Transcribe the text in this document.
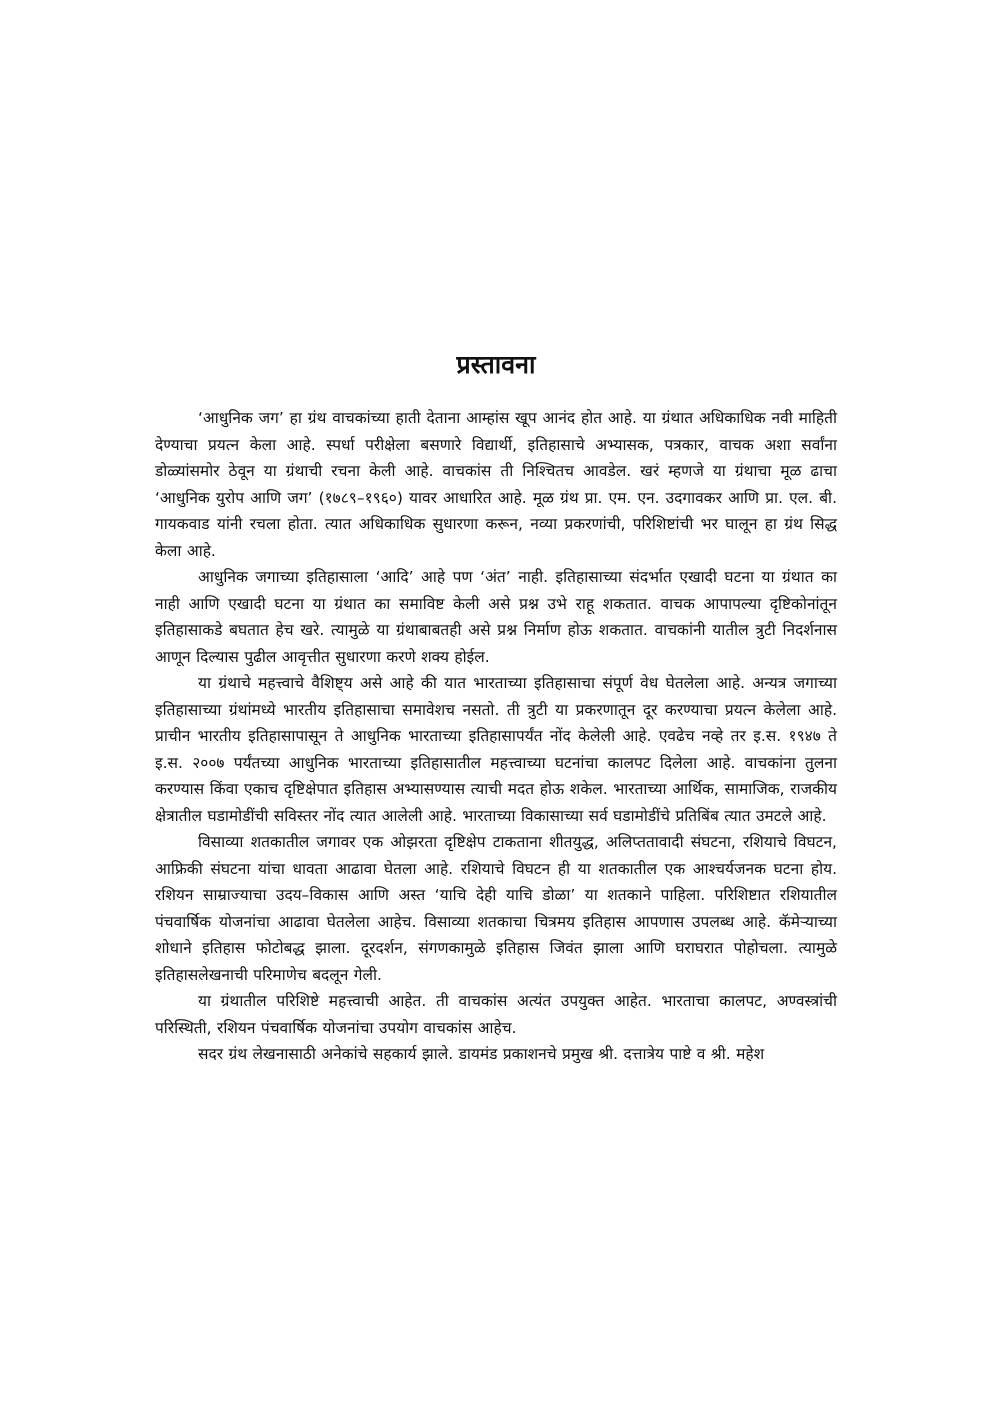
प्रस्तावना

‘आधुनिक जग’ हा ग्रंथ वाचकांच्या हाती देताना आम्हांस खूप आनंद होत आहे. या ग्रंथात अधिकाधिक नवी माहिती देण्याचा प्रयत्न केला आहे. स्पर्धा परीक्षेला बसणारे विद्यार्थी, इतिहासाचे अभ्यासक, पत्रकार, वाचक अशा सर्वांना डोळ्यांसमोर ठेवून या ग्रंथाची रचना केली आहे. वाचकांस ती निश्चितच आवडेल. खरं म्हणजे या ग्रंथाचा मूळ ढाचा ‘आधुनिक युरोप आणि जग’ (१७८९–१९६०) यावर आधारित आहे. मूळ ग्रंथ प्रा. एम. एन. उदगावकर आणि प्रा. एल. बी. गायकवाड यांनी रचला होता. त्यात अधिकाधिक सुधारणा करून, नव्या प्रकरणांची, परिशिष्टांची भर घालून हा ग्रंथ सिद्ध केला आहे.

आधुनिक जगाच्या इतिहासाला ‘आदि’ आहे पण ‘अंत’ नाही. इतिहासाच्या संदर्भात एखादी घटना या ग्रंथात का नाही आणि एखादी घटना या ग्रंथात का समाविष्ट केली असे प्रश्न उभे राहू शकतात. वाचक आपापल्या दृष्टिकोनांतून इतिहासाकडे बघतात हेच खरे. त्यामुळे या ग्रंथाबाबतही असे प्रश्न निर्माण होऊ शकतात. वाचकांनी यातील त्रुटी निदर्शनास आणून दिल्यास पुढील आवृत्तीत सुधारणा करणे शक्य होईल.

या ग्रंथाचे महत्त्वाचे वैशिष्ट्य असे आहे की यात भारताच्या इतिहासाचा संपूर्ण वेध घेतलेला आहे. अन्यत्र जगाच्या इतिहासाच्या ग्रंथांमध्ये भारतीय इतिहासाचा समावेशच नसतो. ती त्रुटी या प्रकरणातून दूर करण्याचा प्रयत्न केलेला आहे. प्राचीन भारतीय इतिहासापासून ते आधुनिक भारताच्या इतिहासापर्यंत नोंद केलेली आहे. एवढेच नव्हे तर इ.स. १९४७ ते इ.स. २००७ पर्यंतच्या आधुनिक भारताच्या इतिहासातील महत्त्वाच्या घटनांचा कालपट दिलेला आहे. वाचकांना तुलना करण्यास किंवा एकाच दृष्टिक्षेपात इतिहास अभ्यासण्यास त्याची मदत होऊ शकेल. भारताच्या आर्थिक, सामाजिक, राजकीय क्षेत्रातील घडामोडींची सविस्तर नोंद त्यात आलेली आहे. भारताच्या विकासाच्या सर्व घडामोडींचे प्रतिबिंब त्यात उमटले आहे.

विसाव्या शतकातील जगावर एक ओझरता दृष्टिक्षेप टाकताना शीतयुद्ध, अलिप्ततावादी संघटना, रशियाचे विघटन, आफ्रिकी संघटना यांचा धावता आढावा घेतला आहे. रशियाचे विघटन ही या शतकातील एक आश्चर्यजनक घटना होय. रशियन साम्राज्याचा उदय–विकास आणि अस्त ‘याचि देही याचि डोळा’ या शतकाने पाहिला. परिशिष्टात रशियातील पंचवार्षिक योजनांचा आढावा घेतलेला आहेच. विसाव्या शतकाचा चित्रमय इतिहास आपणास उपलब्ध आहे. कॅमेऱ्याच्या शोधाने इतिहास फोटोबद्ध झाला. दूरदर्शन, संगणकामुळे इतिहास जिवंत झाला आणि घराघरात पोहोचला. त्यामुळे इतिहासलेखनाची परिमाणेच बदलून गेली.

या ग्रंथातील परिशिष्टे महत्त्वाची आहेत. ती वाचकांस अत्यंत उपयुक्त आहेत. भारताचा कालपट, अण्वस्त्रांची परिस्थिती, रशियन पंचवार्षिक योजनांचा उपयोग वाचकांस आहेच.

सदर ग्रंथ लेखनासाठी अनेकांचे सहकार्य झाले. डायमंड प्रकाशनचे प्रमुख श्री. दत्तात्रेय पाष्टे व श्री. महेश
